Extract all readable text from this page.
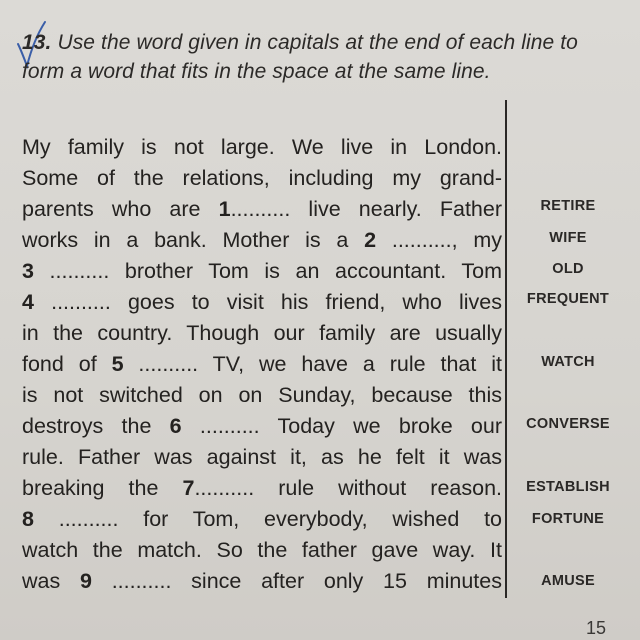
13. Use the word given in capitals at the end of each line to form a word that fits in the space at the same line.
My family is not large. We live in London.
Some of the relations, including my grand-
parents who are 1.......... live nearly. Father
works in a bank. Mother is a 2 .........., my
3 .......... brother Tom is an accountant. Tom
4 .......... goes to visit his friend, who lives
in the country. Though our family are usually
fond of 5 .......... TV, we have a rule that it
is not switched on on Sunday, because this
destroys the 6 .......... Today we broke our
rule. Father was against it, as he felt it was
breaking the 7.......... rule without reason.
8 .......... for Tom, everybody, wished to
watch the match. So the father gave way. It
was 9 .......... since after only 15 minutes
RETIRE
WIFE
OLD
FREQUENT
WATCH
CONVERSE
ESTABLISH
FORTUNE
AMUSE
15
